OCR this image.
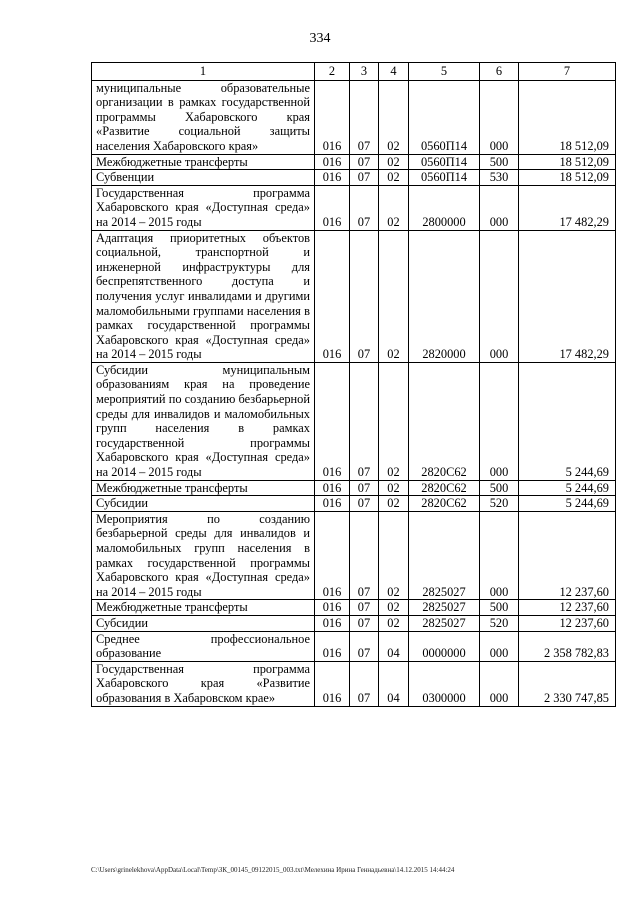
334
1	2	3	4	5	6	7
муниципальные образовательные организации в рамках государственной программы Хабаровского края «Развитие социальной защиты населения Хабаровского края»	016	07	02	0560П14	000	18 512,09
Межбюджетные трансферты	016	07	02	0560П14	500	18 512,09
Субвенции	016	07	02	0560П14	530	18 512,09
Государственная программа Хабаровского края «Доступная среда» на 2014 – 2015 годы	016	07	02	2800000	000	17 482,29
Адаптация приоритетных объектов социальной, транспортной и инженерной инфраструктуры для беспрепятственного доступа и получения услуг инвалидами и другими маломобильными группами населения в рамках государственной программы Хабаровского края «Доступная среда» на 2014 – 2015 годы	016	07	02	2820000	000	17 482,29
Субсидии муниципальным образованиям края на проведение мероприятий по созданию безбарьерной среды для инвалидов и маломобильных групп населения в рамках государственной программы Хабаровского края «Доступная среда» на 2014 – 2015 годы	016	07	02	2820С62	000	5 244,69
Межбюджетные трансферты	016	07	02	2820С62	500	5 244,69
Субсидии	016	07	02	2820С62	520	5 244,69
Мероприятия по созданию безбарьерной среды для инвалидов и маломобильных групп населения в рамках государственной программы Хабаровского края «Доступная среда» на 2014 – 2015 годы	016	07	02	2825027	000	12 237,60
Межбюджетные трансферты	016	07	02	2825027	500	12 237,60
Субсидии	016	07	02	2825027	520	12 237,60
Среднее профессиональное образование	016	07	04	0000000	000	2 358 782,83
Государственная программа Хабаровского края «Развитие образования в Хабаровском крае»	016	07	04	0300000	000	2 330 747,85
C:\Users\grinelekhova\AppData\Local\Temp\ЗК_00145_09122015_003.txt\Мелехина Ирина Геннадьевна\14.12.2015 14:44:24
